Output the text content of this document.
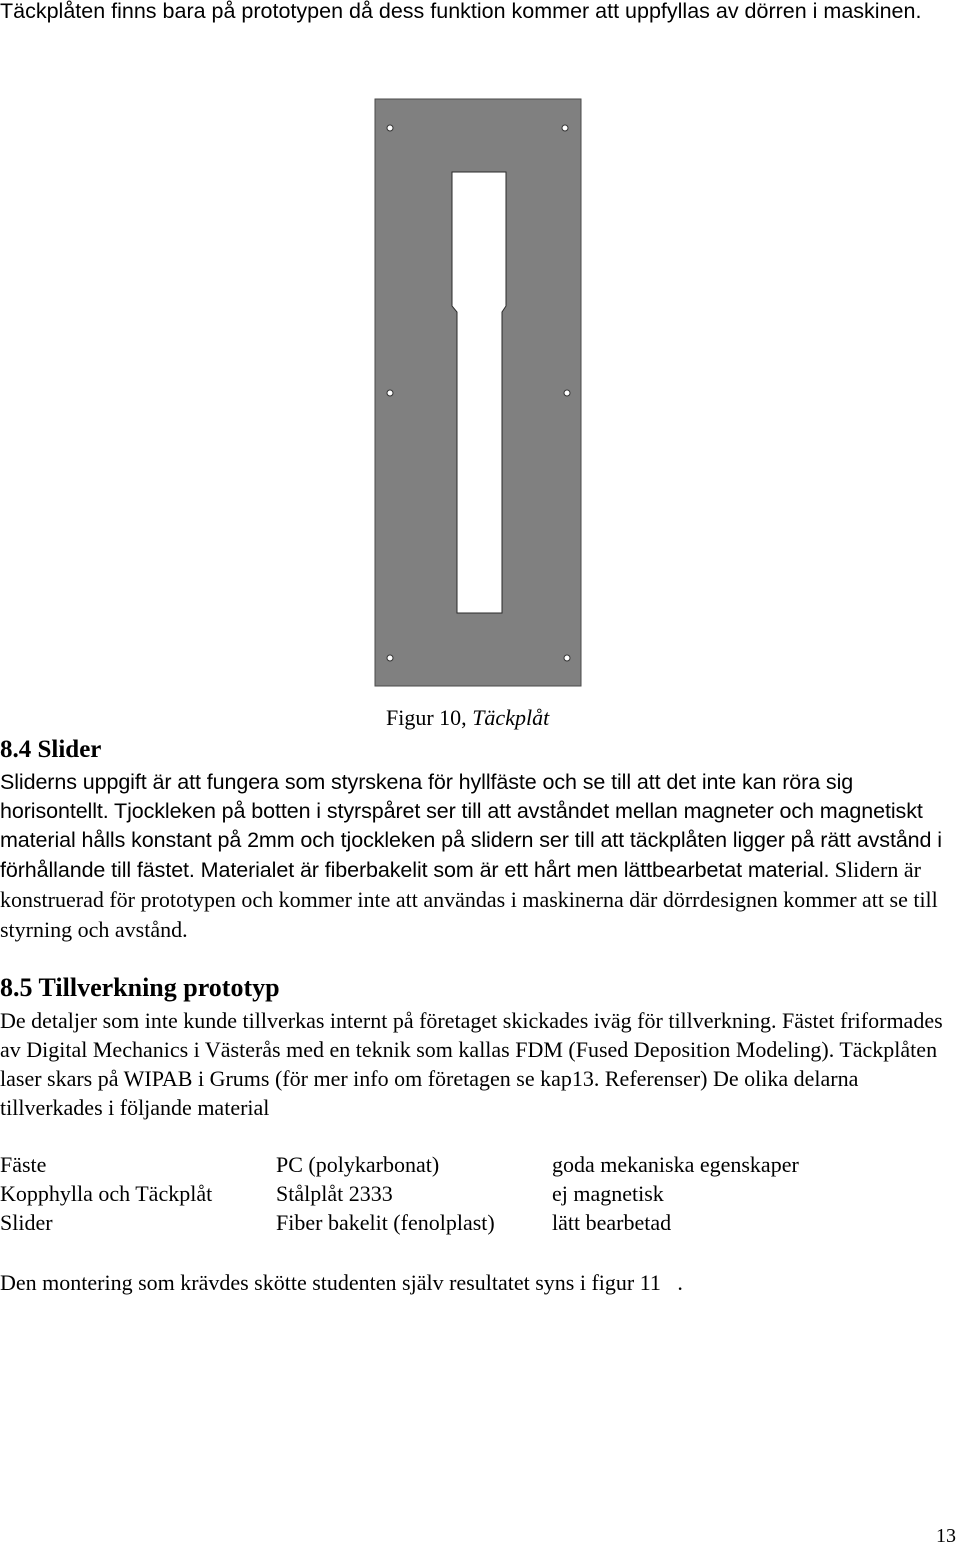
Täckplåten finns bara på prototypen då dess funktion kommer att uppfyllas av dörren i maskinen.

Figur 10, Täckplåt
8.4 Slider

Sliderns uppgift är att fungera som styrskena för hyllfäste och se till att det inte kan röra sig horisontellt. Tjockleken på botten i styrspåret ser till att avståndet mellan magneter och magnetiskt material hålls konstant på 2mm och tjockleken på slidern ser till att täckplåten ligger på rätt avstånd i förhållande till fästet. Materialet är fiberbakelit som är ett hårt men lättbearbetat material. Slidern är konstruerad för prototypen och kommer inte att användas i maskinerna där dörrdesignen kommer att se till styrning och avstånd.

8.5 Tillverkning prototyp

De detaljer som inte kunde tillverkas internt på företaget skickades iväg för tillverkning. Fästet friformades av Digital Mechanics i Västerås med en teknik som kallas FDM (Fused Deposition Modeling). Täckplåten laser skars på WIPAB i Grums (för mer info om företagen se kap13. Referenser) De olika delarna tillverkades i följande material

Fäste	PC (polykarbonat)	goda mekaniska egenskaper
Kopphylla och Täckplåt	Stålplåt 2333	ej magnetisk
Slider	Fiber bakelit (fenolplast)	lätt bearbetad

Den montering som krävdes skötte studenten själv resultatet syns i figur 11   .

13
